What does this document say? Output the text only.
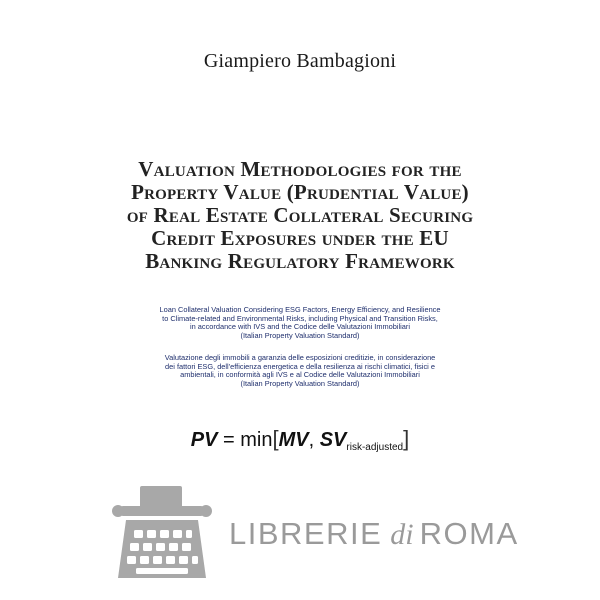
Giampiero Bambagioni
Valuation Methodologies for the
Property Value (Prudential Value)
of Real Estate Collateral Securing
Credit Exposures under the EU
Banking Regulatory Framework
Loan Collateral Valuation Considering ESG Factors, Energy Efficiency, and Resilience
to Climate-related and Environmental Risks, including Physical and Transition Risks,
in accordance with IVS and the Codice delle Valutazioni Immobiliari
(Italian Property Valuation Standard)
Valutazione degli immobili a garanzia delle esposizioni creditizie, in considerazione
dei fattori ESG, dell'efficienza energetica e della resilienza ai rischi climatici, fisici e
ambientali, in conformità agli IVS e al Codice delle Valutazioni Immobiliari
(Italian Property Valuation Standard)
PV = min[MV, $SV_{risk-adjusted}$]
LIBRERIE di ROMA
